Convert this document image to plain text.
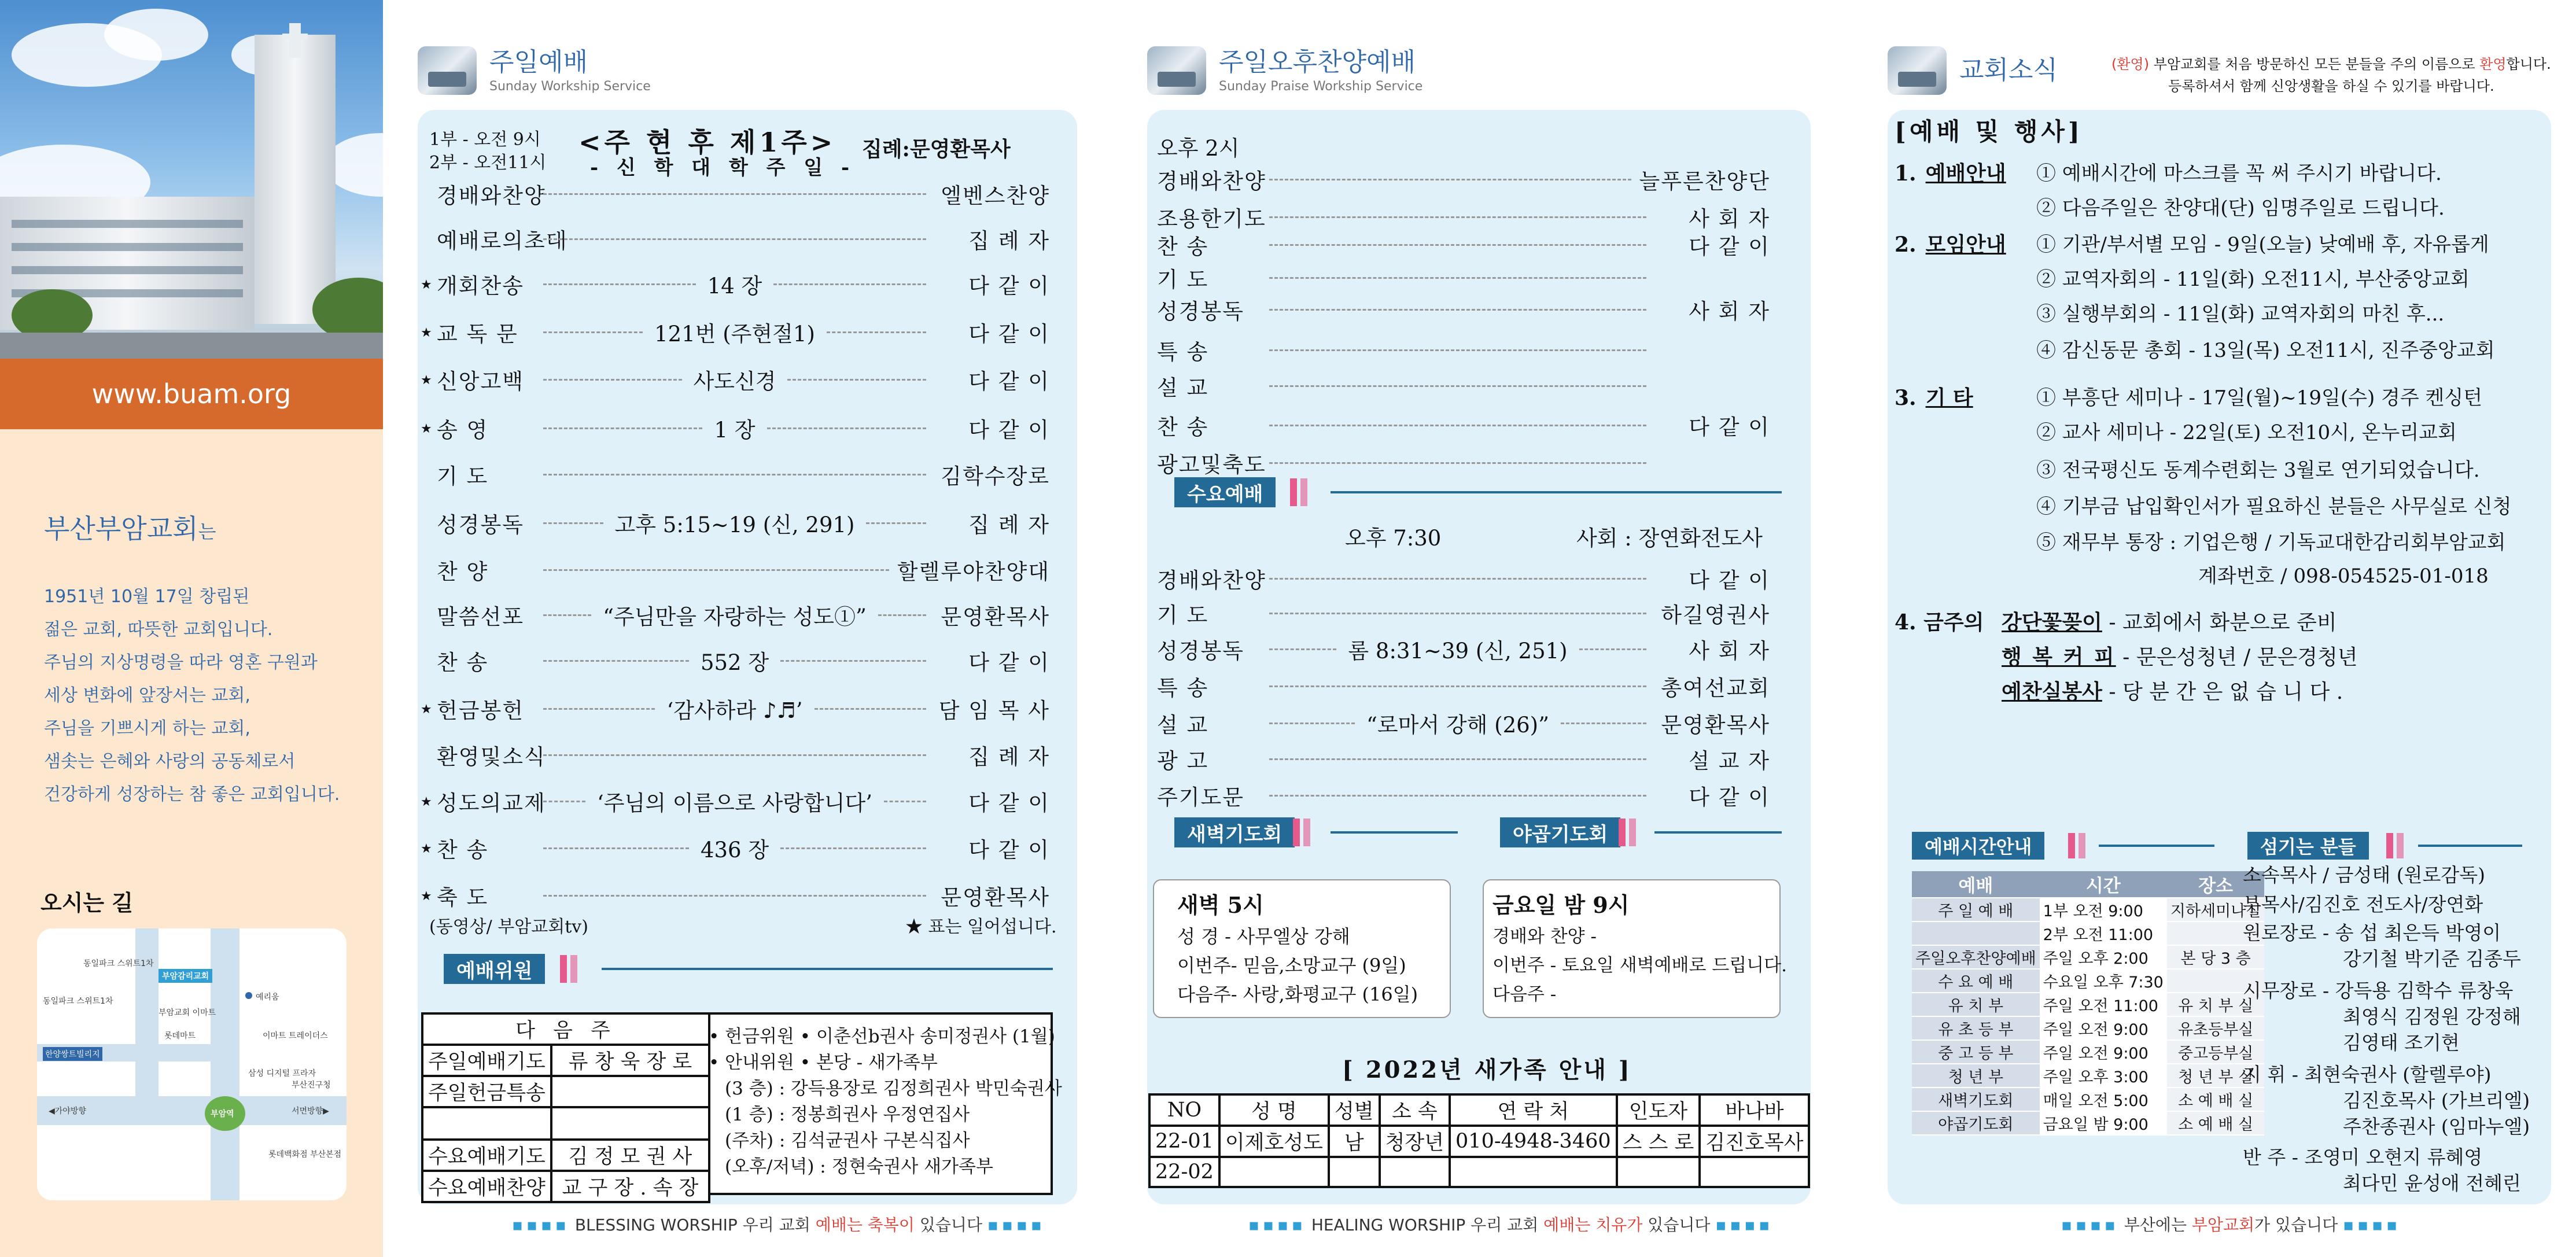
www.buam.org
부산부암교회는
1951년 10월 17일 창립된
젊은 교회, 따뜻한 교회입니다.
주님의 지상명령을 따라 영혼 구원과
세상 변화에 앞장서는 교회,
주님을 기쁘시게 하는 교회,
샘솟는 은혜와 사랑의 공동체로서
건강하게 성장하는 참 좋은 교회입니다.
오시는 길
동일파크 스위트1차
부암감리교회
동일파크 스위트1차
부암교회 이마트
롯데마트
예리움
이마트 트레이더스
한양쌍트빌리지
삼성 디지털 프라자
부산진구청
◀가야방향	부암역	서면방향▶
롯데백화점 부산본점
주일예배
Sunday Workship Service
1부 - 오전 9시
2부 - 오전11시
<주 현 후 제1주>
- 신 학 대 학 주 일 -
집례:문영환목사
경배와찬양	엘벤스찬양
예배로의초대	집 례 자
개회찬송	14 장	다 같 이
★
교 독 문	121번 (주현절1)	다 같 이
★
신앙고백	사도신경	다 같 이
★
송 영	1 장	다 같 이
★
기 도	김학수장로
성경봉독	고후 5:15~19 (신, 291)	집 례 자
찬 양	할렐루야찬양대
말씀선포	“주님만을 자랑하는 성도①”	문영환목사
찬 송	552 장	다 같 이
헌금봉헌	‘감사하라 ♪♬’	담 임 목 사
★
환영및소식	집 례 자
성도의교제 ‘주님의 이름으로 사랑합니다’	다 같 이
★
찬 송	436 장	다 같 이
★
축 도	문영환목사
★
(동영상/ 부암교회tv)	★ 표는 일어섭니다.
예배위원
다 음 주	
주일예배기도	류 창 욱 장 로
주일헌금특송	

수요예배기도	김 정 모 권 사
수요예배찬양	교 구 장 . 속 장
• 헌금위원 • 이춘선b권사 송미정권사 (1월)
• 안내위원 • 본당 - 새가족부
(3 층) : 강득용장로 김정희권사 박민숙권사
(1 층) : 정봉희권사 우정연집사
(주차) : 김석균권사 구본식집사
(오후/저녁) : 정현숙권사 새가족부
▪▪▪▪ BLESSING WORSHIP 우리 교회 예배는 축복이 있습니다 ▪▪▪▪
주일오후찬양예배
Sunday Praise Workship Service
오후 2시
경배와찬양	늘푸른찬양단
조용한기도	사 회 자
찬 송	다 같 이
기 도
성경봉독	사 회 자
특 송
설 교
찬 송	다 같 이
광고및축도
수요예배
오후 7:30	사회 : 장연화전도사
경배와찬양	다 같 이
기 도	하길영권사
성경봉독	롬 8:31~39 (신, 251)	사 회 자
특 송	총여선교회
설 교	“로마서 강해 (26)”	문영환목사
광 고	설 교 자
주기도문	다 같 이
새벽기도회	야곱기도회
새벽 5시
성 경 - 사무엘상 강해
이번주- 믿음,소망교구 (9일)
다음주- 사랑,화평교구 (16일)
금요일 밤 9시
경배와 찬양 -
이번주 - 토요일 새벽예배로 드립니다.
다음주 -
[ 2022년 새가족 안내 ]
NO	성 명	성별	소 속	연 락 처	인도자	바나바
22-01	이제호성도	남	청장년	010-4948-3460	스 스 로	김진호목사
22-02						
▪▪▪▪ HEALING WORSHIP 우리 교회 예배는 치유가 있습니다 ▪▪▪▪
교회소식	(환영) 부암교회를 처음 방문하신 모든 분들을 주의 이름으로 환영합니다.
등록하셔서 함께 신앙생활을 하실 수 있기를 바랍니다.
[예배 및 행사]
1. 예배안내 ① 예배시간에 마스크를 꼭 써 주시기 바랍니다.
② 다음주일은 찬양대(단) 임명주일로 드립니다.
2. 모임안내 ① 기관/부서별 모임 - 9일(오늘) 낮예배 후, 자유롭게
② 교역자회의 - 11일(화) 오전11시, 부산중앙교회
③ 실행부회의 - 11일(화) 교역자회의 마친 후...
④ 감신동문 총회 - 13일(목) 오전11시, 진주중앙교회
3. 기 타	① 부흥단 세미나 - 17일(월)~19일(수) 경주 켄싱턴
② 교사 세미나 - 22일(토) 오전10시, 온누리교회
③ 전국평신도 동계수련회는 3월로 연기되었습니다.
④ 기부금 납입확인서가 필요하신 분들은 사무실로 신청
⑤ 재무부 통장 : 기업은행 / 기독교대한감리회부암교회
계좌번호 / 098-054525-01-018
4. 금주의 강단꽃꽂이 - 교회에서 화분으로 준비
행 복 커 피 - 문은성청년 / 문은경청년
예찬실봉사 - 당 분 간 은 없 습 니 다 .
예배시간안내
예배	시간	장소
주 일 예 배	1부 오전 9:00	지하세미나실
	2부 오전 11:00	
주일오후찬양예배	주일 오후 2:00	본 당 3 층
수 요 예 배	수요일 오후 7:30	
유 치 부	주일 오전 11:00	유 치 부 실
유 초 등 부	주일 오전 9:00	유초등부실
중 고 등 부	주일 오전 9:00	중고등부실
청 년 부	주일 오후 3:00	청 년 부 실
새벽기도회	매일 오전 5:00	소 예 배 실
야곱기도회	금요일 밤 9:00	소 예 배 실
섬기는 분들
소속목사 / 금성태 (원로감독)
부목사/김진호 전도사/장연화
원로장로 - 송 섭 최은득 박영이
강기철 박기준 김종두
시무장로 - 강득용 김학수 류창욱
최영식 김정원 강정해
김영태 조기현
지 휘 - 최현숙권사 (할렐루야)
김진호목사 (가브리엘)
주찬종권사 (임마누엘)
반 주 - 조영미 오현지 류혜영
최다민 윤성애 전혜린
▪▪▪▪ 부산에는 부암교회가 있습니다 ▪▪▪▪
